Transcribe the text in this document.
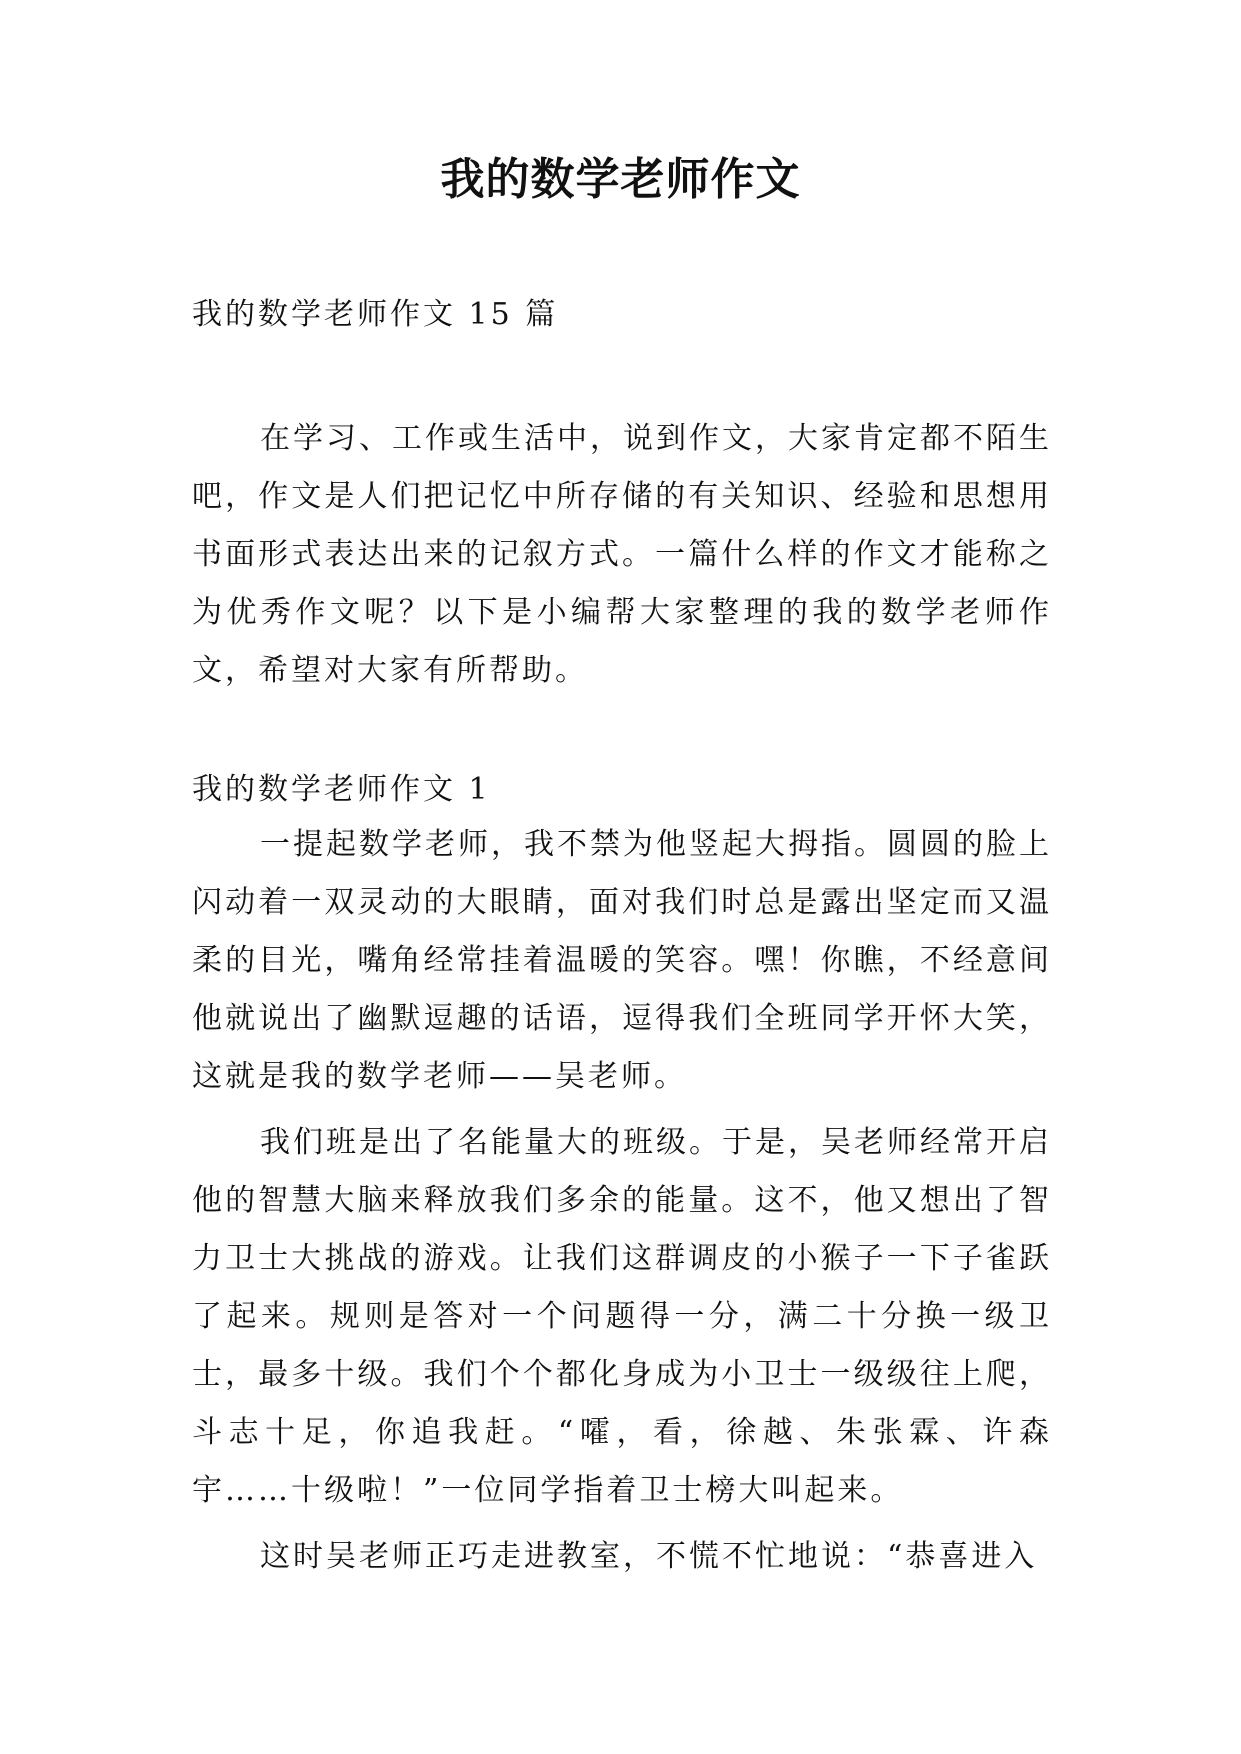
我的数学老师作文
我的数学老师作文 15 篇
在学习、工作或生活中，说到作文，大家肯定都不陌生吧，作文是人们把记忆中所存储的有关知识、经验和思想用书面形式表达出来的记叙方式。一篇什么样的作文才能称之为优秀作文呢？以下是小编帮大家整理的我的数学老师作文，希望对大家有所帮助。
我的数学老师作文 1

一提起数学老师，我不禁为他竖起大拇指。圆圆的脸上闪动着一双灵动的大眼睛，面对我们时总是露出坚定而又温柔的目光，嘴角经常挂着温暖的笑容。嘿！你瞧，不经意间他就说出了幽默逗趣的话语，逗得我们全班同学开怀大笑，这就是我的数学老师——吴老师。

我们班是出了名能量大的班级。于是，吴老师经常开启他的智慧大脑来释放我们多余的能量。这不，他又想出了智力卫士大挑战的游戏。让我们这群调皮的小猴子一下子雀跃了起来。规则是答对一个问题得一分，满二十分换一级卫士，最多十级。我们个个都化身成为小卫士一级级往上爬，斗志十足，你追我赶。“嚯，看，徐越、朱张霖、许森宇……十级啦！”一位同学指着卫士榜大叫起来。

这时吴老师正巧走进教室，不慌不忙地说：“恭喜进入
